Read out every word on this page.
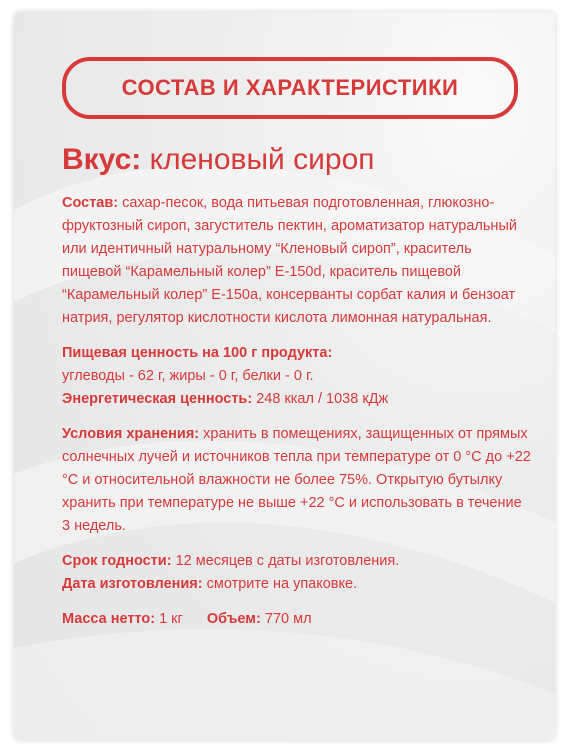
СОСТАВ И ХАРАКТЕРИСТИКИ

Вкус: кленовый сироп

Состав: сахар-песок, вода питьевая подготовленная, глюкозно-фруктозный сироп, загуститель пектин, ароматизатор натуральный или идентичный натуральному “Кленовый сироп”, краситель пищевой “Карамельный колер” Е-150d, краситель пищевой “Карамельный колер” Е-150а, консерванты сорбат калия и бензоат натрия, регулятор кислотности кислота лимонная натуральная.

Пищевая ценность на 100 г продукта:
углеводы - 62 г, жиры - 0 г, белки - 0 г.
Энергетическая ценность: 248 ккал / 1038 кДж

Условия хранения: хранить в помещениях, защищенных от прямых солнечных лучей и источников тепла при температуре от 0 °С до +22 °С и относительной влажности не более 75%. Открытую бутылку хранить при температуре не выше +22 °С и использовать в течение 3 недель.

Срок годности: 12 месяцев с даты изготовления.
Дата изготовления: смотрите на упаковке.

Масса нетто: 1 кг Объем: 770 мл
